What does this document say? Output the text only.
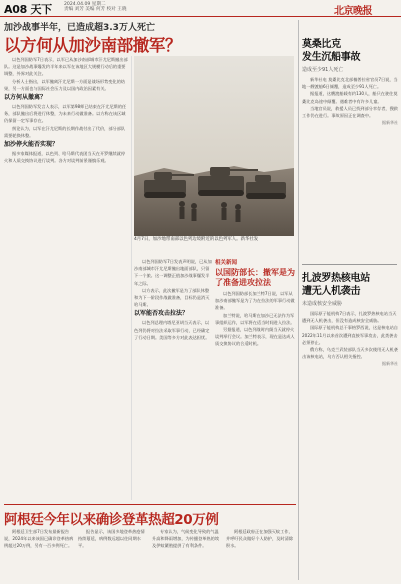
A08 天下	2024.04.09 星期二
责编 刘芳 美编 何芳 校对 王晓	北京晚报
加沙战事半年，已造成超3.3万人死亡
以方何从加沙南部撤军？

以色列国防军7日表示，以军已从加沙南部城市汗尤尼斯撤出部队。这是加沙战事爆发约半年来以军在该地区大规模行动后的重要调整，外界对此关注。

分析人士指出，以军撤离汗尤尼斯一方面是战场形势变化的结果，另一方面也与国际社会压力及以国内政治因素有关。

以方何从撤离？

以色列国防军发言人表示，以军第98师已结束在汗尤尼斯的任务，部队撤出后将进行休整，为未来行动做准备。以方称在该区域仍保留一定军事存在。

舆论认为，以军在汗尤尼斯的长期作战付出了代价，部分部队需要轮换休整。

加沙停火能否实现？

据多家媒体报道，以色列、哈马斯代表团当天在开罗继续就停火和人质交换协议进行谈判。各方对谈判前景谨慎乐观。

4月7日，加沙地带南部以色列边境附近的以色列军人。新华社发

以色列国防军7日发表声明说，已从加沙南部城市汗尤尼斯撤出地面部队，只留下一个旅。这一调整正值加沙战事爆发半年之际。

以方表示，此次撤军是为了部队休整和为下一阶段作战做准备，目标仍是消灭哈马斯。

以军能否攻击拉法？

以色列总理内塔尼亚胡当天表示，以色列仍将对拉法采取军事行动，已经确定了行动日期。美国等多方对此表达担忧。

相关新闻
以国防部长：撤军是为了准备进攻拉法

以色列国防部长加兰特7日说，以军从加沙南部撤军是为了为在拉法的军事行动做准备。

加兰特说，哈马斯在加沙已无法作为军事组织运作，以军将在适当时间进入拉法。

另据报道，以色列战时内阁当天就停火谈判举行会议。加兰特表示，现在是达成人质交换协议的合适时机。

莫桑比克
发生沉船事故
造成至少91人死亡

新华社电 莫桑比克北部楠普拉省官员7日说，当地一艘渡船6日倾覆，造成至少91人死亡。

据报道，这艘渡船载有约130人，船只在驶往莫桑比克岛途中倾覆。遇难者中有许多儿童。

当地官员说，救援人员已找到部分幸存者，搜救工作仍在进行。事故原因正在调查中。

据新华社
扎波罗热核电站
遭无人机袭击
未造成核安全威胁

国际原子能机构7日表示，扎波罗热核电站当天遭到无人机袭击，但没有造成核安全威胁。

国际原子能机构总干事格罗西说，这是核电站自2022年11月以来首次遭到直接军事攻击，此类袭击必须停止。

俄方称，乌克兰武装部队当天多次使用无人机袭击该核电站，乌方否认相关指控。

据新华社
阿根廷今年以来确诊登革热超20万例

阿根廷卫生部7日发布最新报告说，2024年以来该国已确诊登革热病例超过20万例，另有一百多例死亡。

报告显示，该国多地登革热疫情持续蔓延，病例数远超以往同期水平。

专家认为，气候变化导致的气温升高和降雨增加，为传播登革热的埃及伊蚊繁殖提供了有利条件。

阿根廷政府正在加强灭蚊工作，并呼吁民众做好个人防护，及时清除积水。
